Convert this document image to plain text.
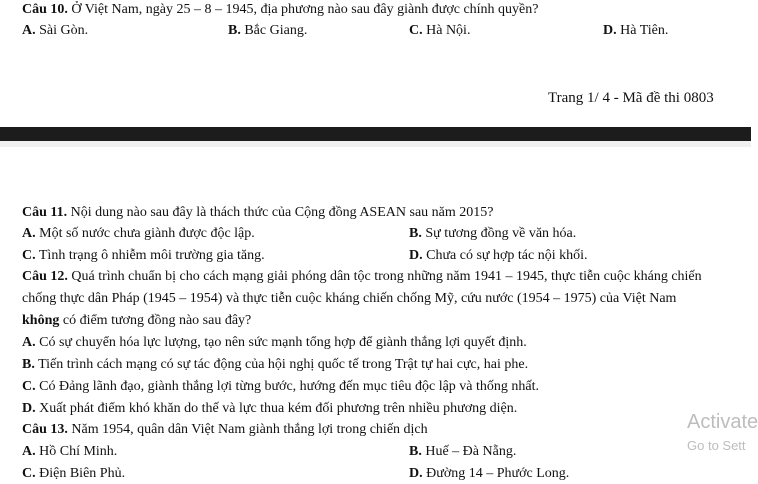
Câu 10. Ở Việt Nam, ngày 25 – 8 – 1945, địa phương nào sau đây giành được chính quyền?
A. Sài Gòn.	B. Bắc Giang.	C. Hà Nội.	D. Hà Tiên.
Trang 1/ 4 - Mã đề thi 0803
Câu 11. Nội dung nào sau đây là thách thức của Cộng đồng ASEAN sau năm 2015?
A. Một số nước chưa giành được độc lập.	B. Sự tương đồng về văn hóa.
C. Tình trạng ô nhiễm môi trường gia tăng.	D. Chưa có sự hợp tác nội khối.
Câu 12. Quá trình chuẩn bị cho cách mạng giải phóng dân tộc trong những năm 1941 – 1945, thực tiễn cuộc kháng chiến
chống thực dân Pháp (1945 – 1954) và thực tiễn cuộc kháng chiến chống Mỹ, cứu nước (1954 – 1975) của Việt Nam
không có điểm tương đồng nào sau đây?
A. Có sự chuyển hóa lực lượng, tạo nên sức mạnh tổng hợp để giành thắng lợi quyết định.
B. Tiến trình cách mạng có sự tác động của hội nghị quốc tế trong Trật tự hai cực, hai phe.
C. Có Đảng lãnh đạo, giành thắng lợi từng bước, hướng đến mục tiêu độc lập và thống nhất.
D. Xuất phát điểm khó khăn do thế và lực thua kém đối phương trên nhiều phương diện.
Câu 13. Năm 1954, quân dân Việt Nam giành thắng lợi trong chiến dịch
A. Hồ Chí Minh.	B. Huế – Đà Nẵng.
C. Điện Biên Phủ.	D. Đường 14 – Phước Long.
Activate
Go to Sett
